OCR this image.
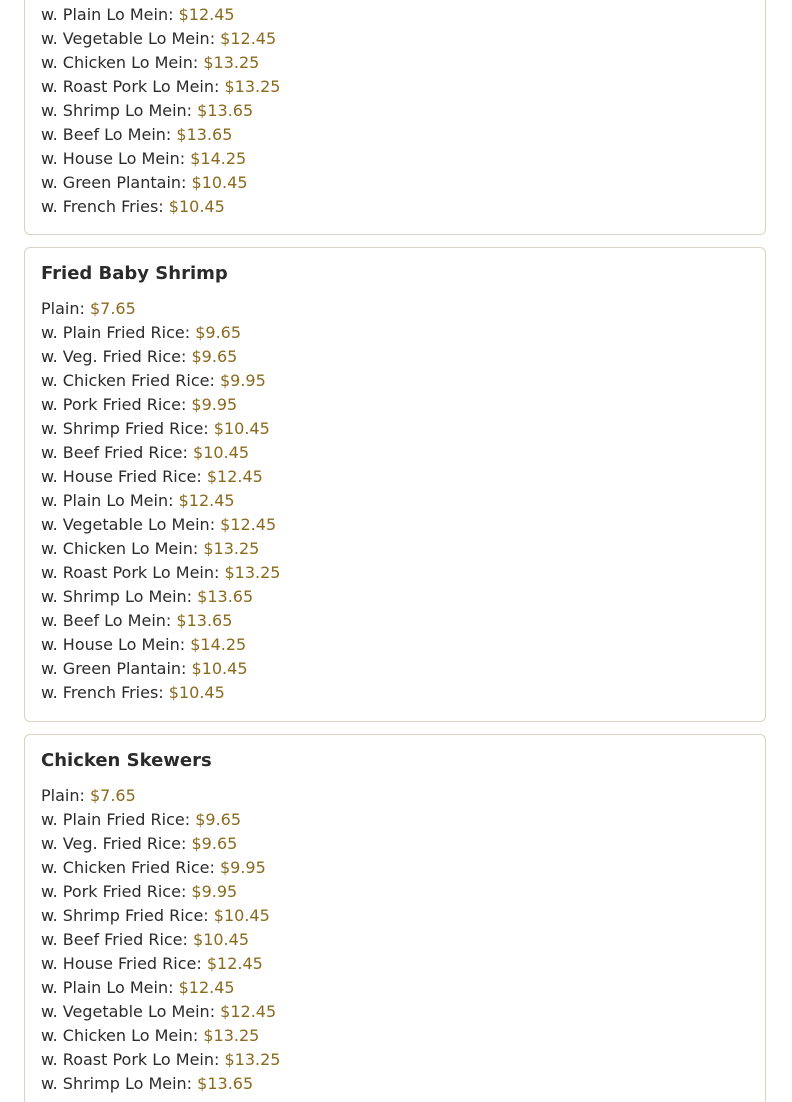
w. Plain Lo Mein: $12.45
w. Vegetable Lo Mein: $12.45
w. Chicken Lo Mein: $13.25
w. Roast Pork Lo Mein: $13.25
w. Shrimp Lo Mein: $13.65
w. Beef Lo Mein: $13.65
w. House Lo Mein: $14.25
w. Green Plantain: $10.45
w. French Fries: $10.45
Fried Baby Shrimp
Plain: $7.65
w. Plain Fried Rice: $9.65
w. Veg. Fried Rice: $9.65
w. Chicken Fried Rice: $9.95
w. Pork Fried Rice: $9.95
w. Shrimp Fried Rice: $10.45
w. Beef Fried Rice: $10.45
w. House Fried Rice: $12.45
w. Plain Lo Mein: $12.45
w. Vegetable Lo Mein: $12.45
w. Chicken Lo Mein: $13.25
w. Roast Pork Lo Mein: $13.25
w. Shrimp Lo Mein: $13.65
w. Beef Lo Mein: $13.65
w. House Lo Mein: $14.25
w. Green Plantain: $10.45
w. French Fries: $10.45
Chicken Skewers
Plain: $7.65
w. Plain Fried Rice: $9.65
w. Veg. Fried Rice: $9.65
w. Chicken Fried Rice: $9.95
w. Pork Fried Rice: $9.95
w. Shrimp Fried Rice: $10.45
w. Beef Fried Rice: $10.45
w. House Fried Rice: $12.45
w. Plain Lo Mein: $12.45
w. Vegetable Lo Mein: $12.45
w. Chicken Lo Mein: $13.25
w. Roast Pork Lo Mein: $13.25
w. Shrimp Lo Mein: $13.65
